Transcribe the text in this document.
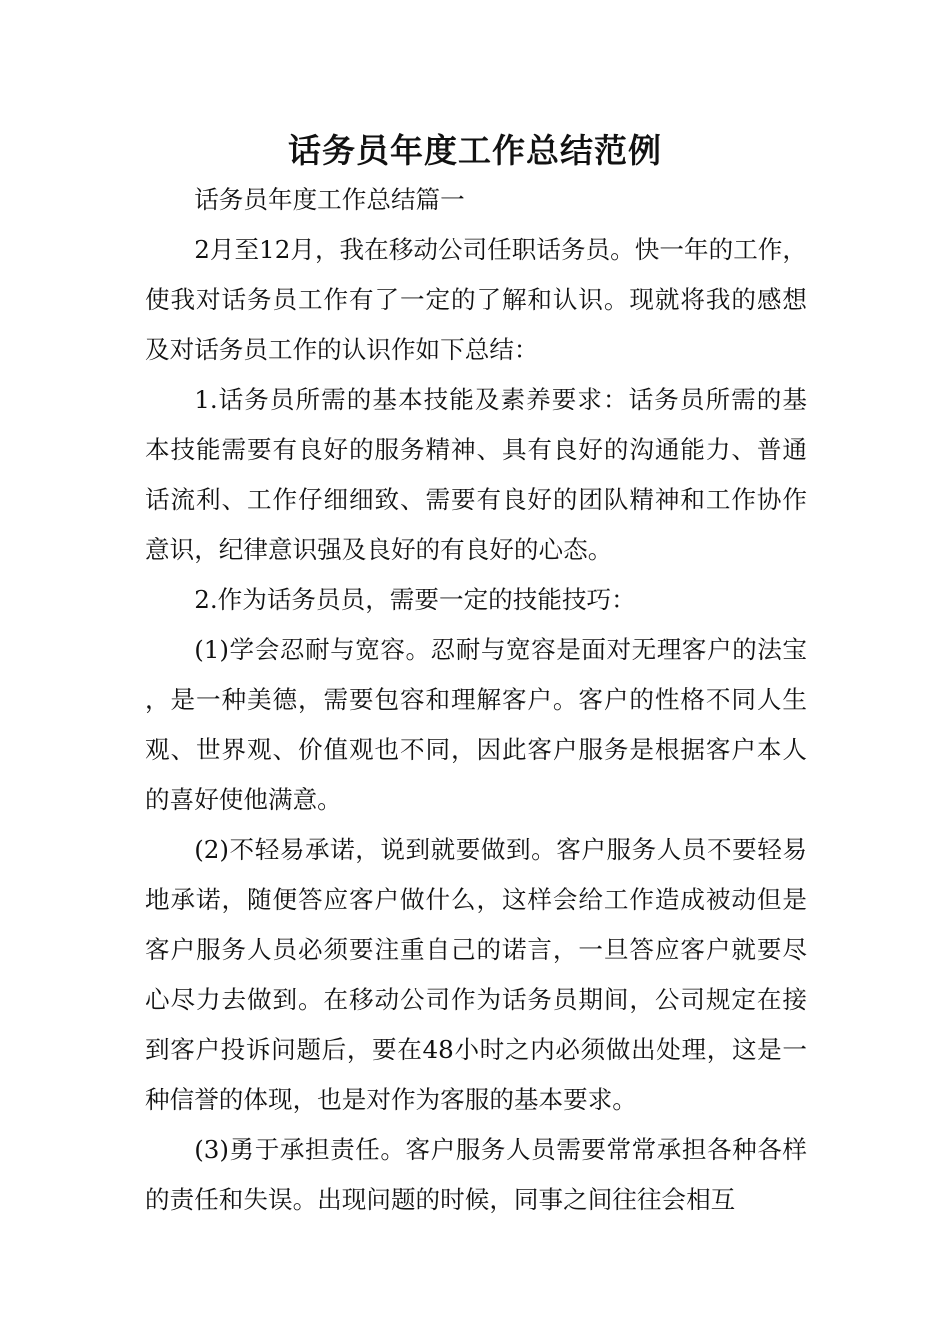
话务员年度工作总结范例

话务员年度工作总结篇一

2月至12月，我在移动公司任职话务员。快一年的工作，使我对话务员工作有了一定的了解和认识。现就将我的感想及对话务员工作的认识作如下总结：

1.话务员所需的基本技能及素养要求：话务员所需的基本技能需要有良好的服务精神、具有良好的沟通能力、普通话流利、工作仔细细致、需要有良好的团队精神和工作协作意识，纪律意识强及良好的有良好的心态。

2.作为话务员员，需要一定的技能技巧：

(1)学会忍耐与宽容。忍耐与宽容是面对无理客户的法宝，是一种美德，需要包容和理解客户。客户的性格不同人生观、世界观、价值观也不同，因此客户服务是根据客户本人的喜好使他满意。

(2)不轻易承诺，说到就要做到。客户服务人员不要轻易地承诺，随便答应客户做什么，这样会给工作造成被动但是客户服务人员必须要注重自己的诺言，一旦答应客户就要尽心尽力去做到。在移动公司作为话务员期间，公司规定在接到客户投诉问题后，要在48小时之内必须做出处理，这是一种信誉的体现，也是对作为客服的基本要求。

(3)勇于承担责任。客户服务人员需要常常承担各种各样的责任和失误。出现问题的时候，同事之间往往会相互
